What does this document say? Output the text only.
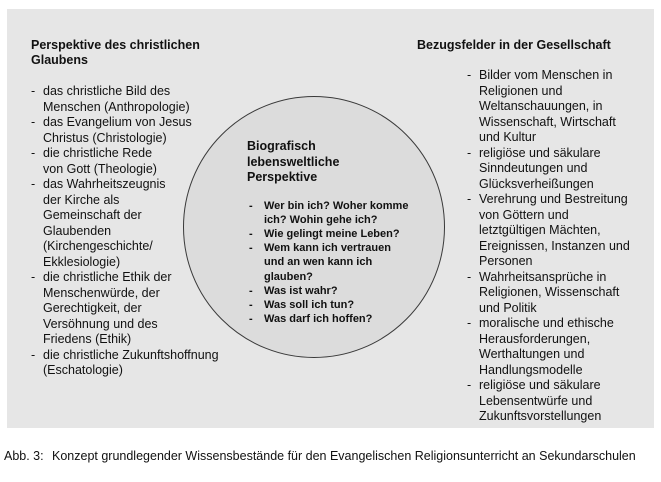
Perspektive des christlichen Glaubens

- das christliche Bild des Menschen (Anthropologie)
- das Evangelium von Jesus Christus (Christologie)
- die christliche Rede von Gott (Theologie)
- das Wahrheitszeugnis der Kirche als Gemeinschaft der Glaubenden (Kirchengeschichte/ Ekklesiologie)
- die christliche Ethik der Menschenwürde, der Gerechtigkeit, der Versöhnung und des Friedens (Ethik)
- die christliche Zukunftshoffnung (Eschatologie)

Biografisch lebensweltliche Perspektive

- Wer bin ich? Woher komme ich? Wohin gehe ich?
- Wie gelingt meine Leben?
- Wem kann ich vertrauen und an wen kann ich glauben?
- Was ist wahr?
- Was soll ich tun?
- Was darf ich hoffen?

Bezugsfelder in der Gesellschaft

- Bilder vom Menschen in Religionen und Weltanschauungen, in Wissenschaft, Wirtschaft und Kultur
- religiöse und säkulare Sinndeutungen und Glücksverheißungen
- Verehrung und Bestreitung von Göttern und letztgültigen Mächten, Ereignissen, Instanzen und Personen
- Wahrheitsansprüche in Religionen, Wissenschaft und Politik
- moralische und ethische Herausforderungen, Werthaltungen und Handlungsmodelle
- religiöse und säkulare Lebensentwürfe und Zukunftsvorstellungen
Abb. 3: Konzept grundlegender Wissensbestände für den Evangelischen Religionsunterricht an Sekundarschulen
